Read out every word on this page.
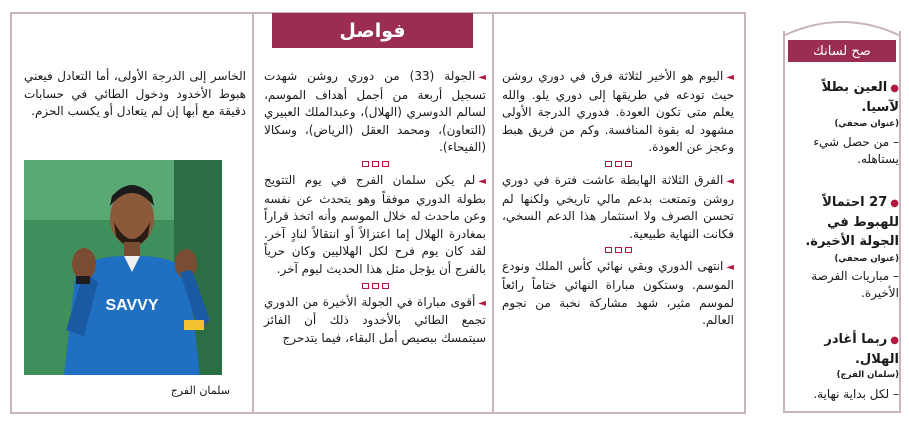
فواصل

◄اليوم هو الأخير لثلاثة فرق في دوري روشن حيث تودعه في طريقها إلى دوري يلو. والله يعلم متى تكون العودة. فدوري الدرجة الأولى مشهود له بقوة المنافسة. وكم من فريق هبط وعجز عن العودة.

◄الفرق الثلاثة الهابطة عاشت فترة في دوري روشن وتمتعت بدعم مالي تاريخي ولكنها لم تحسن الصرف ولا استثمار هذا الدعم السخي، فكانت النهاية طبيعية.

◄انتهى الدوري وبقي نهائي كأس الملك ونودع الموسم. وستكون مباراة النهائي ختاماً رائعاً لموسم مثير، شهد مشاركة نخبة من نجوم العالم.

◄الجولة (33) من دوري روشن شهدت تسجيل أربعة من أجمل أهداف الموسم، لسالم الدوسري (الهلال)، وعبدالملك العبيري (التعاون)، ومحمد العقل (الرياض)، وسكالا (الفيحاء).

◄لم يكن سلمان الفرج في يوم التتويج بطولة الدوري موفقاً وهو يتحدث عن نفسه وعن ماحدث له خلال الموسم وأنه اتخذ قراراً بمغادرة الهلال إما اعتزالاً أو انتقالاً لنادٍ آخر. لقد كان يوم فرح لكل الهلاليين وكان حرياً بالفرج أن يؤجل مثل هذا الحديث ليوم آخر.

◄أقوى مباراة في الجولة الأخيرة من الدوري تجمع الطائي بالأخدود ذلك أن الفائز سيتمسك ببصيص أمل البقاء، فيما يتدحرج

الخاسر إلى الدرجة الأولى، أما التعادل فيعني هبوط الأخدود ودخول الطائي في حسابات دقيقة مع أبها إن لم يتعادل أو يكسب الحزم.

SAVVY
سلمان الفرج
صح لسانك
●العين بطلاً لآسيا.
(عنوان صحفي)
– من حصل شيء يستاهله.
●27 احتمالاً للهبوط في الجولة الأخيرة.
(عنوان صحفي)
– مباريات الفرصة الأخيرة.
●ربما أغادر الهلال.
(سلمان الفرج)
– لكل بداية نهاية.
